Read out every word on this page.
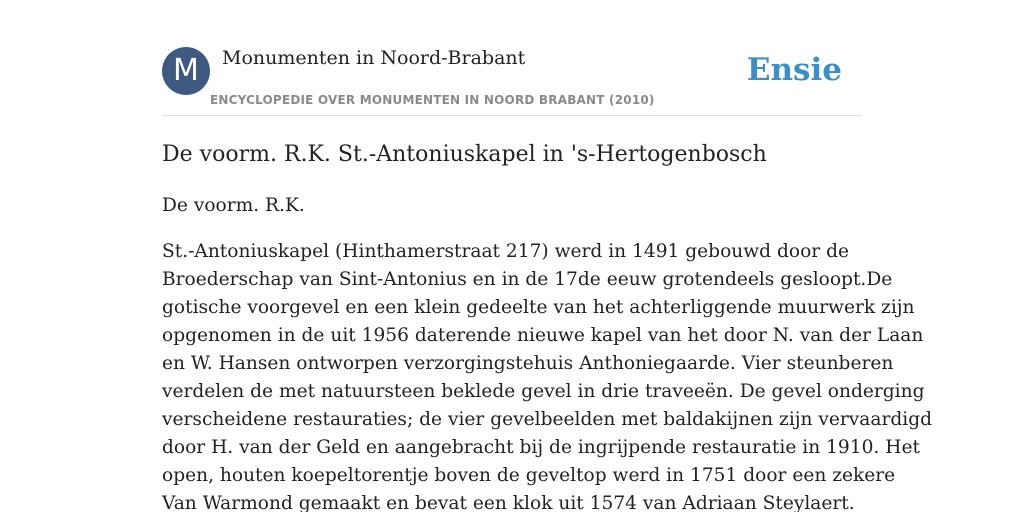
M	Monumenten in Noord-Brabant
ENCYCLOPEDIE OVER MONUMENTEN IN NOORD BRABANT (2010)
Ensie
De voorm. R.K. St.-Antoniuskapel in 's-Hertogenbosch

De voorm. R.K.

St.-Antoniuskapel (Hinthamerstraat 217) werd in 1491 gebouwd door de
Broederschap van Sint-Antonius en in de 17de eeuw grotendeels gesloopt.De
gotische voorgevel en een klein gedeelte van het achterliggende muurwerk zijn
opgenomen in de uit 1956 daterende nieuwe kapel van het door N. van der Laan
en W. Hansen ontworpen verzorgingstehuis Anthoniegaarde. Vier steunberen
verdelen de met natuursteen beklede gevel in drie traveeën. De gevel onderging
verscheidene restauraties; de vier gevelbeelden met baldakijnen zijn vervaardigd
door H. van der Geld en aangebracht bij de ingrijpende restauratie in 1910. Het
open, houten koepeltorentje boven de geveltop werd in 1751 door een zekere
Van Warmond gemaakt en bevat een klok uit 1574 van Adriaan Steylaert.
